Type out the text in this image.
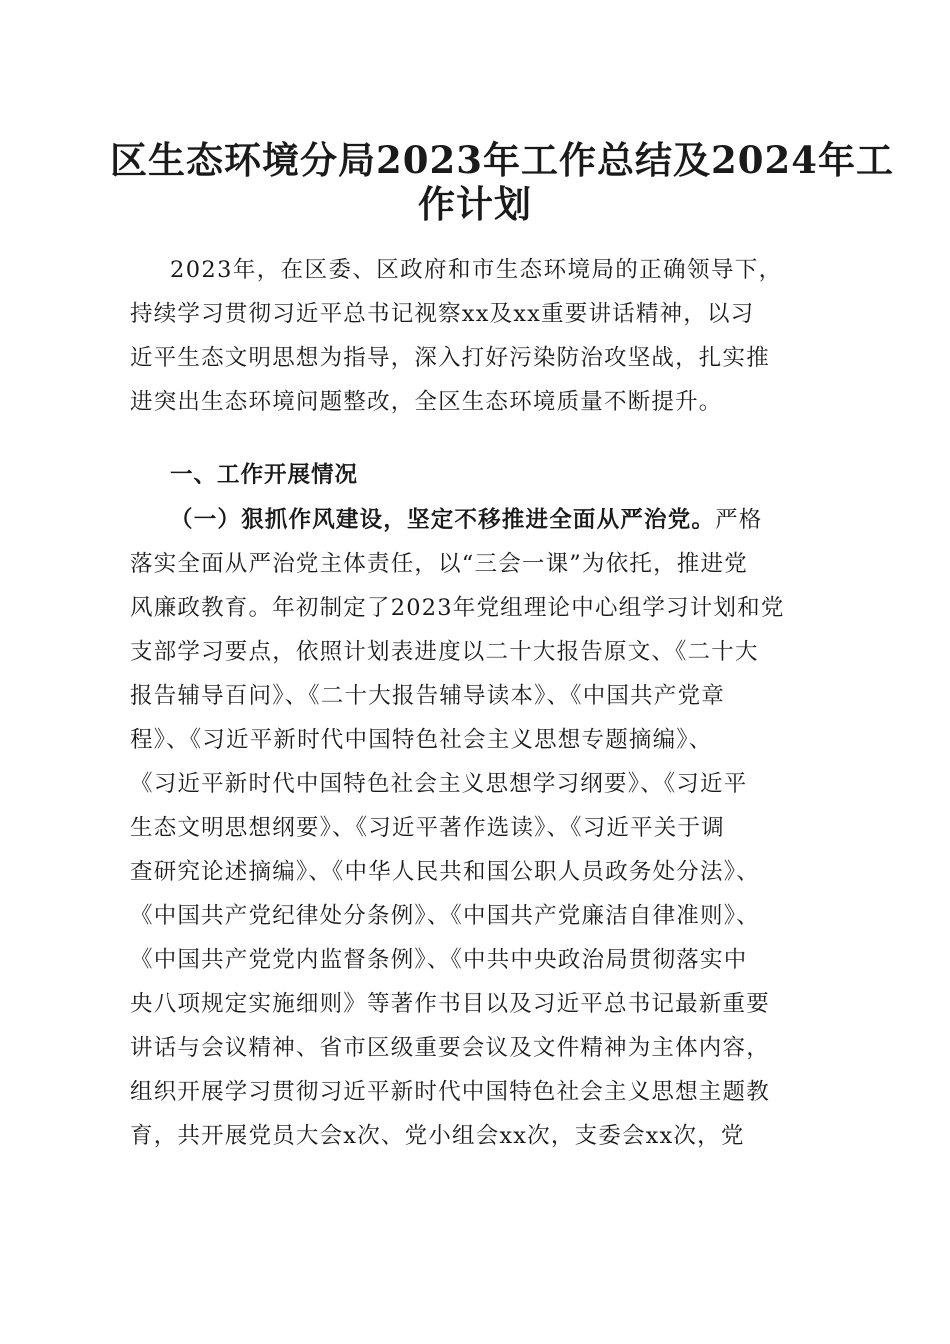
区生态环境分局2023年工作总结及2024年工
作计划
2023年，在区委、区政府和市生态环境局的正确领导下，
持续学习贯彻习近平总书记视察xx及xx重要讲话精神，以习
近平生态文明思想为指导，深入打好污染防治攻坚战，扎实推
进突出生态环境问题整改，全区生态环境质量不断提升。
一、工作开展情况
（一）狠抓作风建设，坚定不移推进全面从严治党。严格
落实全面从严治党主体责任，以“三会一课”为依托，推进党
风廉政教育。年初制定了2023年党组理论中心组学习计划和党
支部学习要点，依照计划表进度以二十大报告原文、《二十大
报告辅导百问》、《二十大报告辅导读本》、《中国共产党章
程》、《习近平新时代中国特色社会主义思想专题摘编》、
《习近平新时代中国特色社会主义思想学习纲要》、《习近平
生态文明思想纲要》、《习近平著作选读》、《习近平关于调
查研究论述摘编》、《中华人民共和国公职人员政务处分法》、
《中国共产党纪律处分条例》、《中国共产党廉洁自律准则》、
《中国共产党党内监督条例》、《中共中央政治局贯彻落实中
央八项规定实施细则》等著作书目以及习近平总书记最新重要
讲话与会议精神、省市区级重要会议及文件精神为主体内容，
组织开展学习贯彻习近平新时代中国特色社会主义思想主题教
育，共开展党员大会x次、党小组会xx次，支委会xx次，党
